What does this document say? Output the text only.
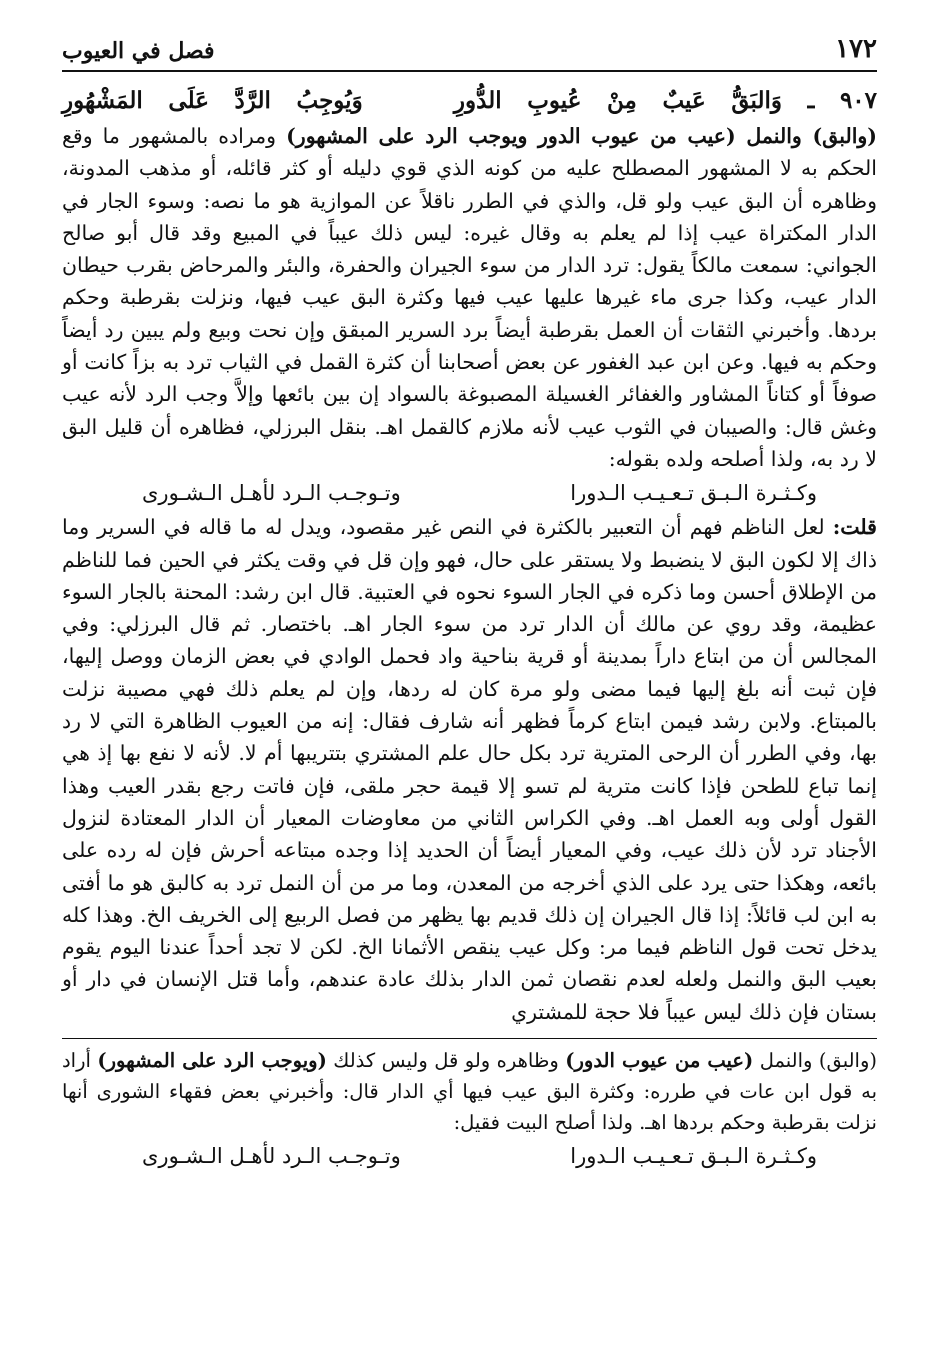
١٧٢
فصل في العيوب
٩٠٧ ـ وَالبَقُّ عَيبٌ مِنْ عُيوبِ الدُّورِ  وَيُوجِبُ الرَّدَّ عَلَى المَشْهُورِ

(والبق) والنمل (عيب من عيوب الدور ويوجب الرد على المشهور) ومراده بالمشهور ما وقع الحكم به لا المشهور المصطلح عليه من كونه الذي قوي دليله أو كثر قائله، أو مذهب المدونة، وظاهره أن البق عيب ولو قل، والذي في الطرر ناقلاً عن الموازية هو ما نصه: وسوء الجار في الدار المكتراة عيب إذا لم يعلم به وقال غيره: ليس ذلك عيباً في المبيع وقد قال أبو صالح الجواني: سمعت مالكاً يقول: ترد الدار من سوء الجيران والحفرة، والبئر والمرحاض بقرب حيطان الدار عيب، وكذا جرى ماء غيرها عليها عيب فيها وكثرة البق عيب فيها، ونزلت بقرطبة وحكم بردها. وأخبرني الثقات أن العمل بقرطبة أيضاً برد السرير المبقق وإن نحت وبيع ولم يبين رد أيضاً وحكم به فيها. وعن ابن عبد الغفور عن بعض أصحابنا أن كثرة القمل في الثياب ترد به بزاً كانت أو صوفاً أو كتاناً المشاور والغفائر الغسيلة المصبوغة بالسواد إن بين بائعها وإلاَّ وجب الرد لأنه عيب وغش قال: والصيبان في الثوب عيب لأنه ملازم كالقمل اهـ. بنقل البرزلي، فظاهره أن قليل البق لا رد به، ولذا أصلحه ولده بقوله:

وكـثـرة الـبـق تـعـيـب الـدورا
وتـوجـب الـرد لأهـل الـشـورى

قلت: لعل الناظم فهم أن التعبير بالكثرة في النص غير مقصود، ويدل له ما قاله في السرير وما ذاك إلا لكون البق لا ينضبط ولا يستقر على حال، فهو وإن قل في وقت يكثر في الحين فما للناظم من الإطلاق أحسن وما ذكره في الجار السوء نحوه في العتبية. قال ابن رشد: المحنة بالجار السوء عظيمة، وقد روي عن مالك أن الدار ترد من سوء الجار اهـ. باختصار. ثم قال البرزلي: وفي المجالس أن من ابتاع داراً بمدينة أو قرية بناحية واد فحمل الوادي في بعض الزمان ووصل إليها، فإن ثبت أنه بلغ إليها فيما مضى ولو مرة كان له ردها، وإن لم يعلم ذلك فهي مصيبة نزلت بالمبتاع. ولابن رشد فيمن ابتاع كرماً فظهر أنه شارف فقال: إنه من العيوب الظاهرة التي لا رد بها، وفي الطرر أن الرحى المترية ترد بكل حال علم المشتري بتتريبها أم لا. لأنه لا نفع بها إذ هي إنما تباع للطحن فإذا كانت مترية لم تسو إلا قيمة حجر ملقى، فإن فاتت رجع بقدر العيب وهذا القول أولى وبه العمل اهـ. وفي الكراس الثاني من معاوضات المعيار أن الدار المعتادة لنزول الأجناد ترد لأن ذلك عيب، وفي المعيار أيضاً أن الحديد إذا وجده مبتاعه أحرش فإن له رده على بائعه، وهكذا حتى يرد على الذي أخرجه من المعدن، وما مر من أن النمل ترد به كالبق هو ما أفتى به ابن لب قائلاً: إذا قال الجيران إن ذلك قديم بها يظهر من فصل الربيع إلى الخريف الخ. وهذا كله يدخل تحت قول الناظم فيما مر: وكل عيب ينقص الأثمانا الخ. لكن لا تجد أحداً عندنا اليوم يقوم بعيب البق والنمل ولعله لعدم نقصان ثمن الدار بذلك عادة عندهم، وأما قتل الإنسان في دار أو بستان فإن ذلك ليس عيباً فلا حجة للمشتري

(والبق) والنمل (عيب من عيوب الدور) وظاهره ولو قل وليس كذلك (ويوجب الرد على المشهور) أراد به قول ابن عات في طرره: وكثرة البق عيب فيها أي الدار قال: وأخبرني بعض فقهاء الشورى أنها نزلت بقرطبة وحكم بردها اهـ. ولذا أصلح البيت فقيل:

وكـثـرة الـبـق تـعـيـب الـدورا
وتـوجـب الـرد لأهـل الـشـورى
